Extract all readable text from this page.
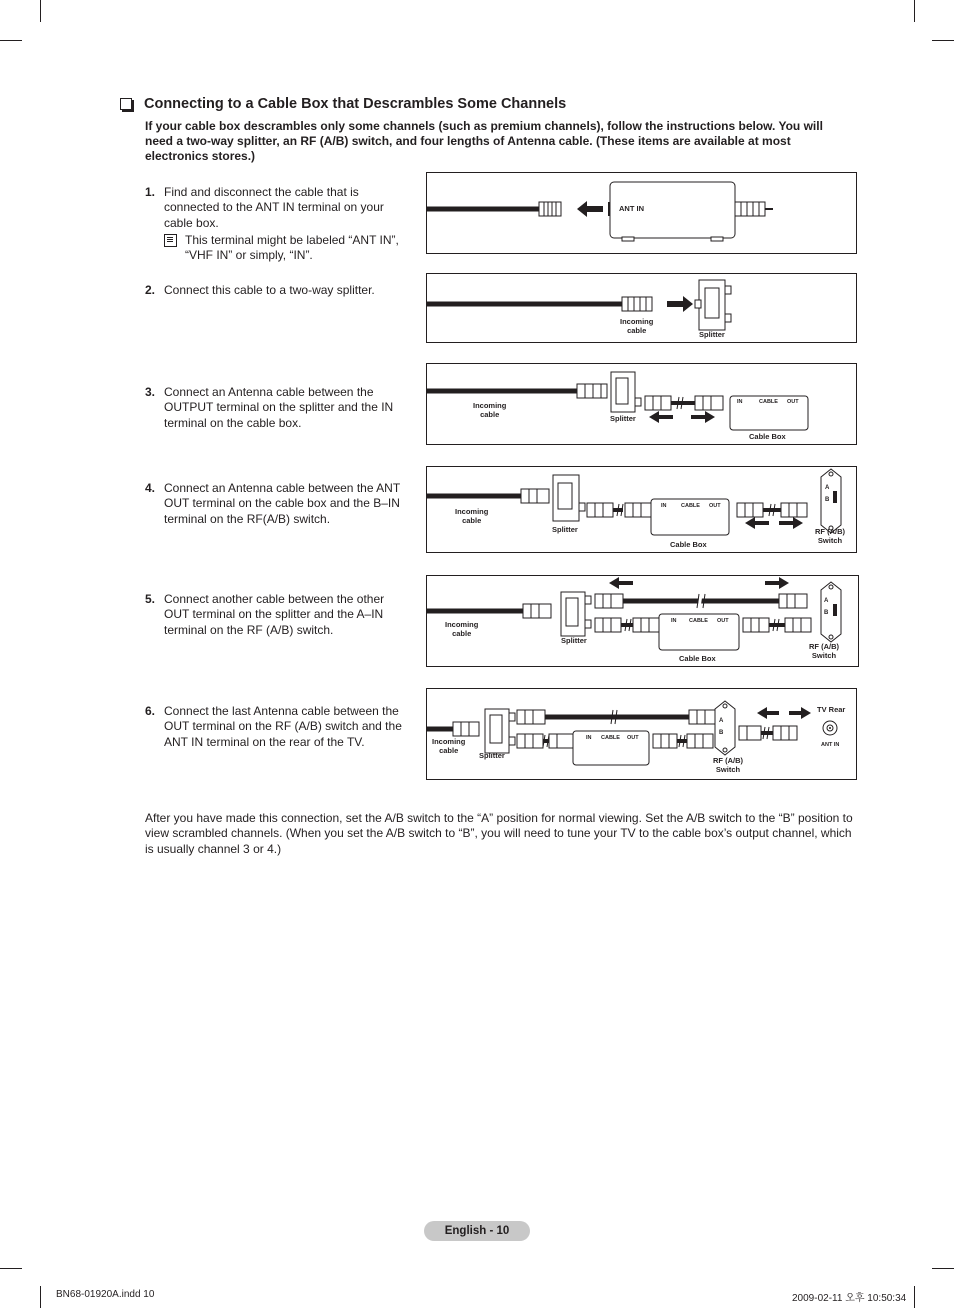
Connecting to a Cable Box that Descrambles Some Channels
If your cable box descrambles only some channels (such as premium channels), follow the instructions below. You will need a two-way splitter, an RF (A/B) switch, and four lengths of Antenna cable. (These items are available at most electronics stores.)
1. Find and disconnect the cable that is connected to the ANT IN terminal on your cable box.
This terminal might be labeled “ANT IN”, “VHF IN” or simply, “IN”.
2. Connect this cable to a two-way splitter.
3. Connect an Antenna cable between the OUTPUT terminal on the splitter and the IN terminal on the cable box.
4. Connect an Antenna cable between the ANT OUT terminal on the cable box and the B–IN terminal on the RF(A/B) switch.
5. Connect another cable between the other OUT terminal on the splitter and the A–IN terminal on the RF (A/B) switch.
6. Connect the last Antenna cable between the OUT terminal on the RF (A/B) switch and the ANT IN terminal on the rear of the TV.
ANT IN
Incoming
cable	Splitter
Incoming
cable	Splitter
IN	CABLE OUT
Cable Box
Incoming
cable
Splitter
IN	CABLE OUT
Cable Box
A
B
RF (A/B)
Switch
Incoming
cable
Splitter
IN CABLE OUT
Cable Box
A
B
RF (A/B)
Switch
Incoming
cable
Splitter
IN CABLE OUT
A
B
RF (A/B)
Switch
TV Rear
ANT IN
After you have made this connection, set the A/B switch to the “A” position for normal viewing. Set the A/B switch to the “B” position to view scrambled channels. (When you set the A/B switch to “B”, you will need to tune your TV to the cable box’s output channel, which is usually channel 3 or 4.)
English - 10
BN68-01920A.indd 10	2009-02-11 오후 10:50:34
